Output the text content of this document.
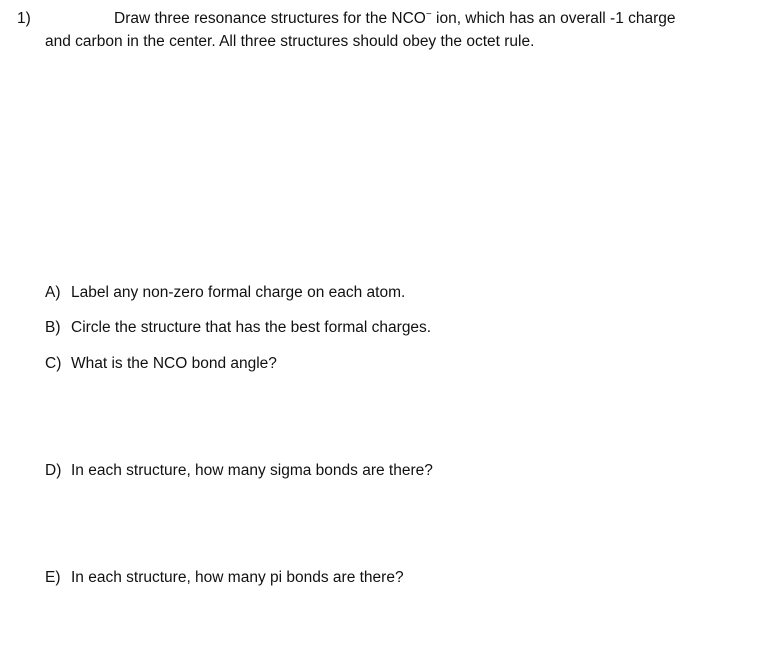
1)	Draw three resonance structures for the NCO− ion, which has an overall -1 charge
and carbon in the center. All three structures should obey the octet rule.
A) Label any non-zero formal charge on each atom.
B) Circle the structure that has the best formal charges.
C) What is the NCO bond angle?
D) In each structure, how many sigma bonds are there?
E) In each structure, how many pi bonds are there?
